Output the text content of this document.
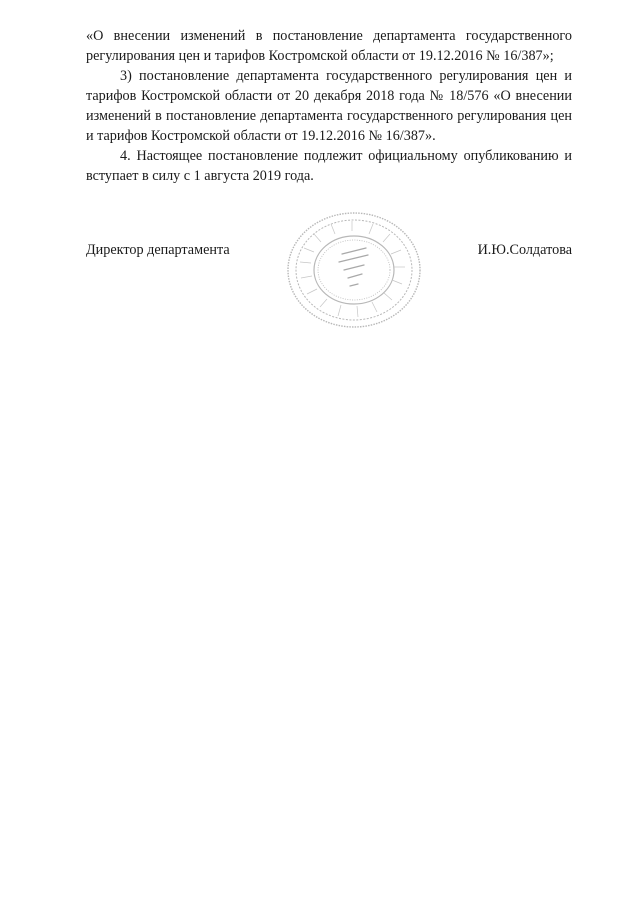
«О внесении изменений в постановление департамента государственного регулирования цен и тарифов Костромской области от 19.12.2016 № 16/387»;

3) постановление департамента государственного регулирования цен и тарифов Костромской области от 20 декабря 2018 года № 18/576 «О внесении изменений в постановление департамента государственного регулирования цен и тарифов Костромской области от 19.12.2016 № 16/387».

4. Настоящее постановление подлежит официальному опубликованию и вступает в силу с 1 августа 2019 года.

Директор департамента	И.Ю.Солдатова
